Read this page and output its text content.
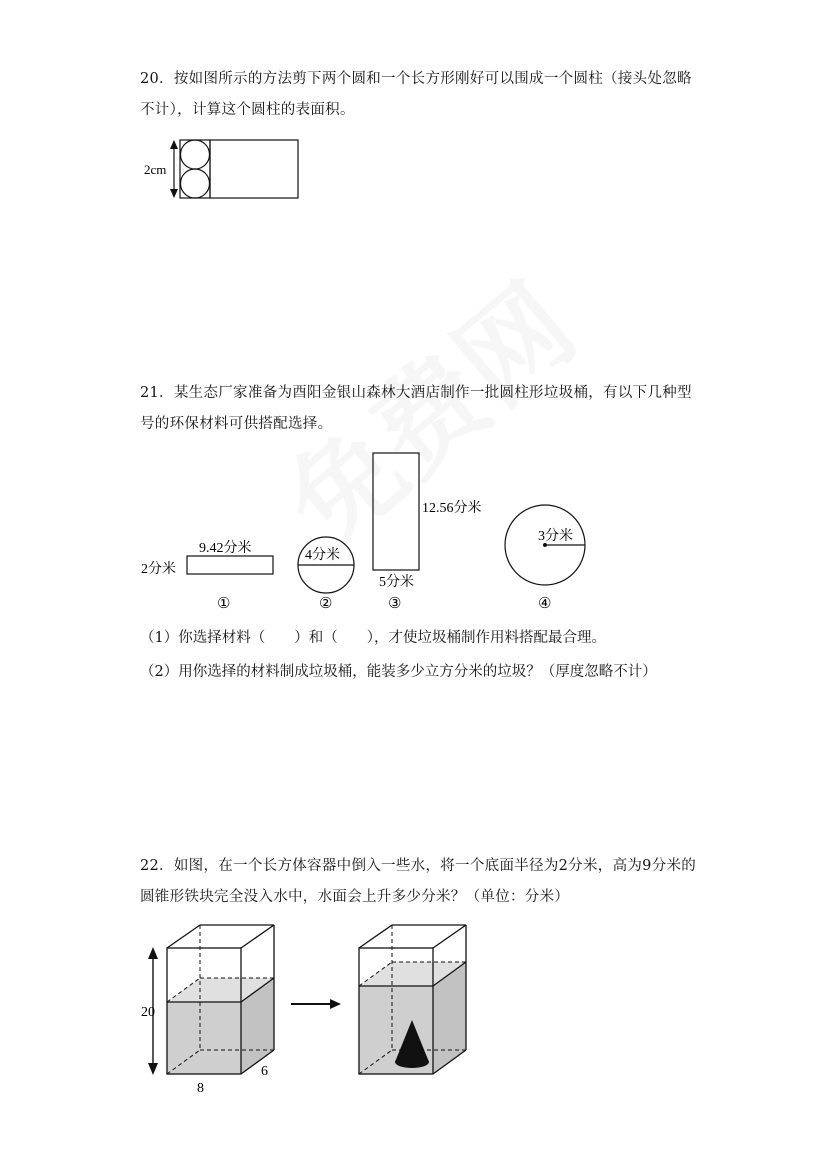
20．按如图所示的方法剪下两个圆和一个长方形刚好可以围成一个圆柱（接头处忽略不计），计算这个圆柱的表面积。
2cm
21．某生态厂家准备为酉阳金银山森林大酒店制作一批圆柱形垃圾桶，有以下几种型号的环保材料可供搭配选择。
9.42分米
2分米
①
4分米
②
12.56分米
5分米
③
3分米
④
（1）你选择材料（　　）和（　　），才使垃圾桶制作用料搭配最合理。
（2）用你选择的材料制成垃圾桶，能装多少立方分米的垃圾？（厚度忽略不计）
22．如图，在一个长方体容器中倒入一些水，将一个底面半径为2分米，高为9分米的圆锥形铁块完全没入水中，水面会上升多少分米？（单位：分米）
20
8
6
